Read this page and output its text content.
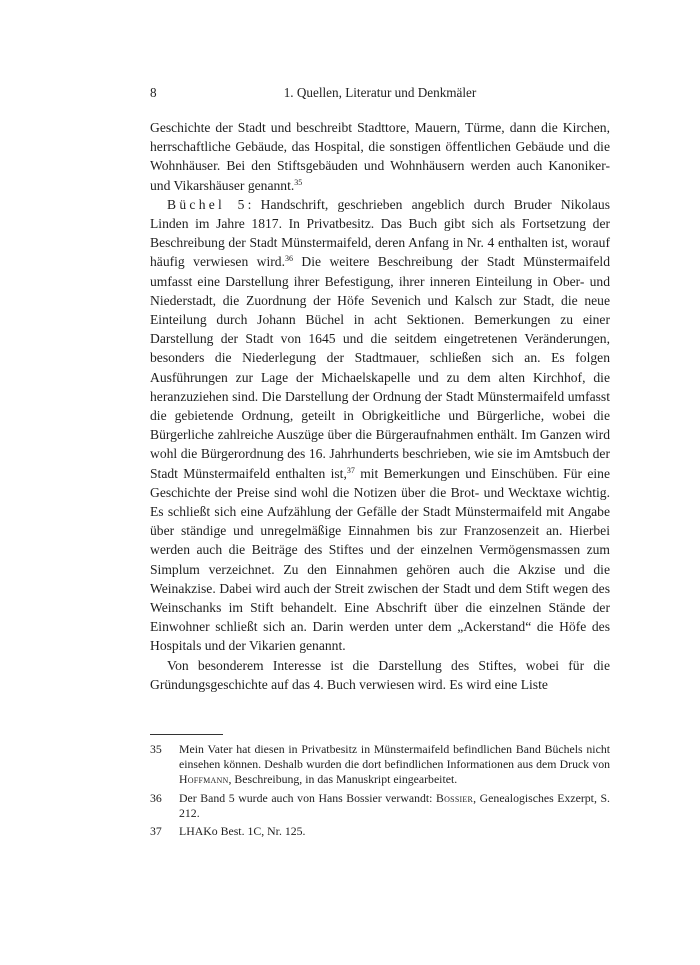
8	1. Quellen, Literatur und Denkmäler

Geschichte der Stadt und beschreibt Stadttore, Mauern, Türme, dann die Kirchen, herrschaftliche Gebäude, das Hospital, die sonstigen öffentlichen Gebäude und die Wohnhäuser. Bei den Stiftsgebäuden und Wohnhäusern werden auch Kanoniker- und Vikarshäuser genannt.$^{35}$

Büchel 5: Handschrift, geschrieben angeblich durch Bruder Nikolaus Linden im Jahre 1817. In Privatbesitz. Das Buch gibt sich als Fortsetzung der Beschreibung der Stadt Münstermaifeld, deren Anfang in Nr. 4 enthalten ist, worauf häufig verwiesen wird.$^{36}$ Die weitere Beschreibung der Stadt Münstermaifeld umfasst eine Darstellung ihrer Befestigung, ihrer inneren Einteilung in Ober- und Niederstadt, die Zuordnung der Höfe Sevenich und Kalsch zur Stadt, die neue Einteilung durch Johann Büchel in acht Sektionen. Bemerkungen zu einer Darstellung der Stadt von 1645 und die seitdem eingetretenen Veränderungen, besonders die Niederlegung der Stadtmauer, schließen sich an. Es folgen Ausführungen zur Lage der Michaelskapelle und zu dem alten Kirchhof, die heranzuziehen sind. Die Darstellung der Ordnung der Stadt Münstermaifeld umfasst die gebietende Ordnung, geteilt in Obrigkeitliche und Bürgerliche, wobei die Bürgerliche zahlreiche Auszüge über die Bürgeraufnahmen enthält. Im Ganzen wird wohl die Bürgerordnung des 16. Jahrhunderts beschrieben, wie sie im Amtsbuch der Stadt Münstermaifeld enthalten ist,$^{37}$ mit Bemerkungen und Einschüben. Für eine Geschichte der Preise sind wohl die Notizen über die Brot- und Wecktaxe wichtig. Es schließt sich eine Aufzählung der Gefälle der Stadt Münstermaifeld mit Angabe über ständige und unregelmäßige Einnahmen bis zur Franzosenzeit an. Hierbei werden auch die Beiträge des Stiftes und der einzelnen Vermögensmassen zum Simplum verzeichnet. Zu den Einnahmen gehören auch die Akzise und die Weinakzise. Dabei wird auch der Streit zwischen der Stadt und dem Stift wegen des Weinschanks im Stift behandelt. Eine Abschrift über die einzelnen Stände der Einwohner schließt sich an. Darin werden unter dem „Ackerstand“ die Höfe des Hospitals und der Vikarien genannt.

Von besonderem Interesse ist die Darstellung des Stiftes, wobei für die Gründungsgeschichte auf das 4. Buch verwiesen wird. Es wird eine Liste

35 Mein Vater hat diesen in Privatbesitz in Münstermaifeld befindlichen Band Büchels nicht einsehen können. Deshalb wurden die dort befindlichen Informationen aus dem Druck von Hoffmann, Beschreibung, in das Manuskript eingearbeitet.
36 Der Band 5 wurde auch von Hans Bossier verwandt: Bossier, Genealogisches Exzerpt, S. 212.
37 LHAKo Best. 1C, Nr. 125.
